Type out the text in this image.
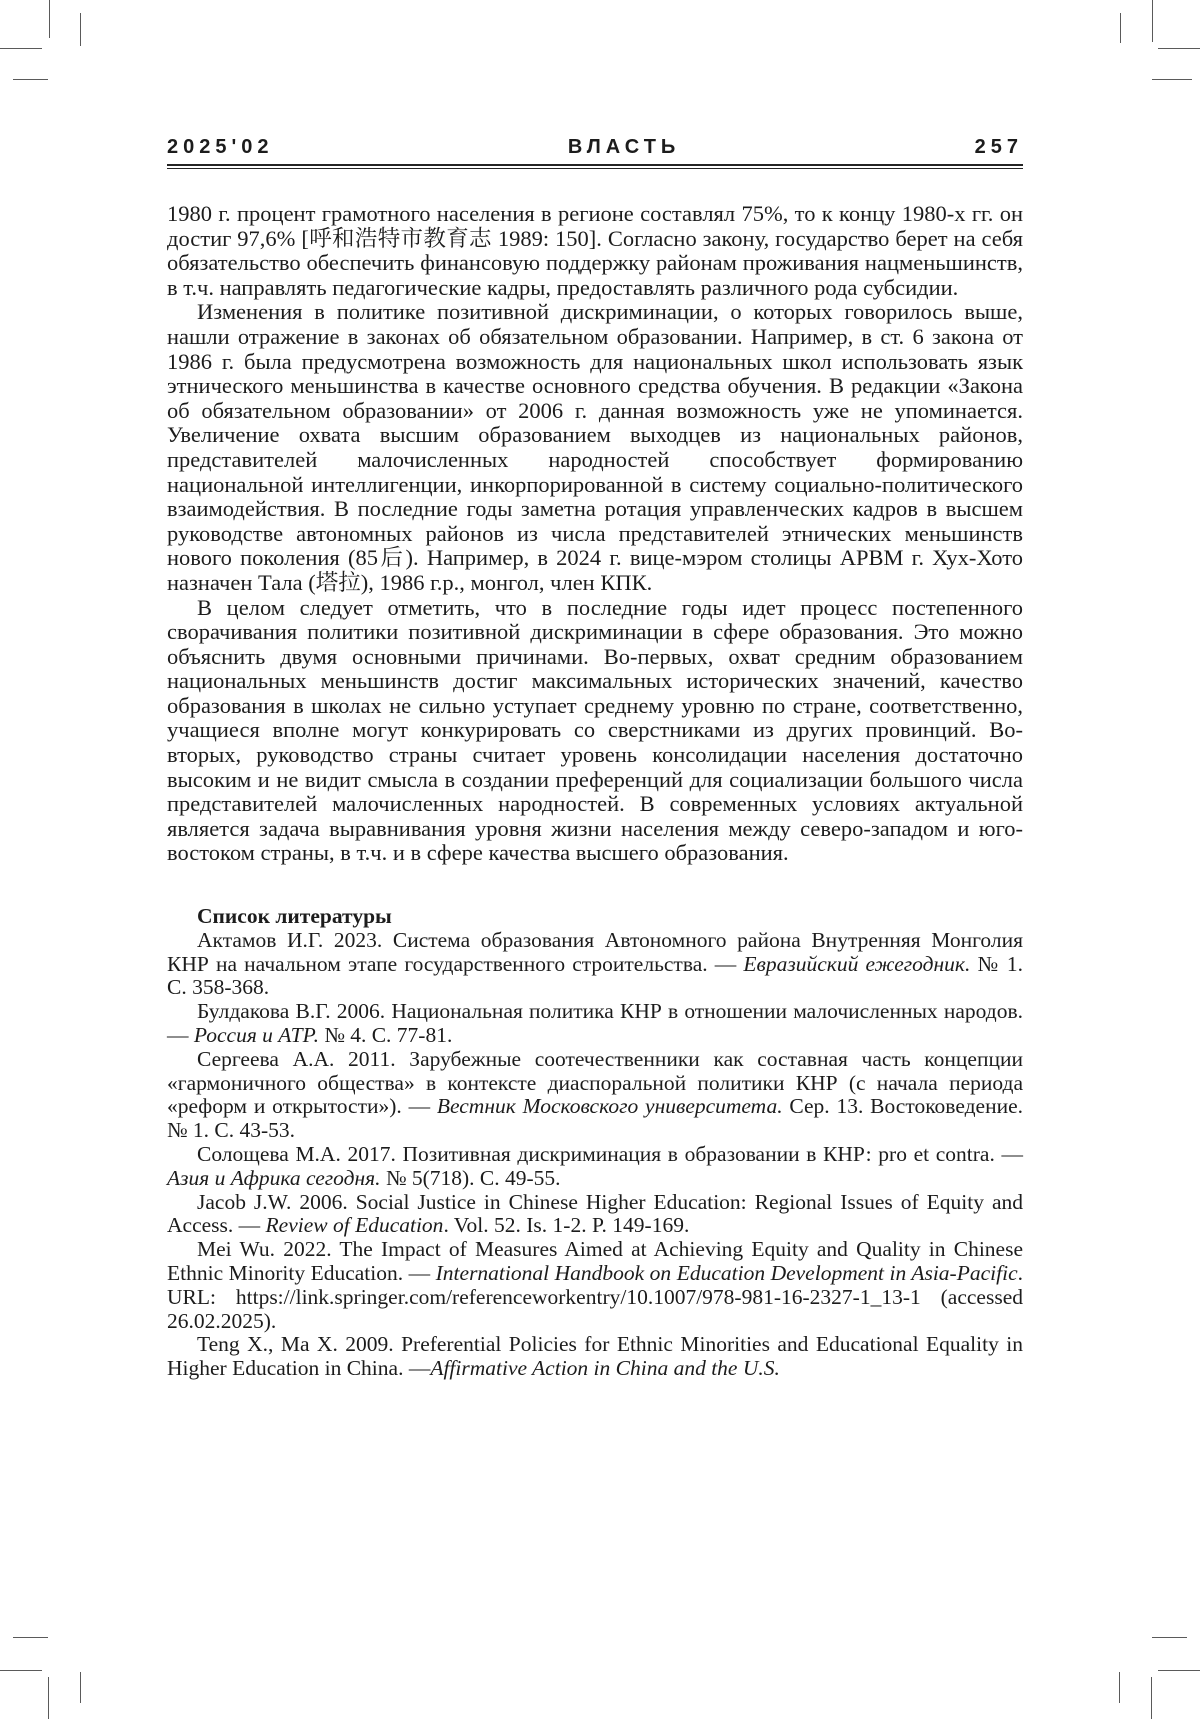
2025'02	ВЛАСТЬ	257

1980 г. процент грамотного населения в регионе составлял 75%, то к концу 1980-х гг. он достиг 97,6% [呼和浩特市教育志 1989: 150]. Согласно закону, государство берет на себя обязательство обеспечить финансовую поддержку районам проживания нацменьшинств, в т.ч. направлять педагогические кадры, предоставлять различного рода субсидии.

Изменения в политике позитивной дискриминации, о которых говорилось выше, нашли отражение в законах об обязательном образовании. Например, в ст. 6 закона от 1986 г. была предусмотрена возможность для национальных школ использовать язык этнического меньшинства в качестве основного средства обучения. В редакции «Закона об обязательном образовании» от 2006 г. данная возможность уже не упоминается. Увеличение охвата высшим образованием выходцев из национальных районов, представителей малочисленных народностей способствует формированию национальной интеллигенции, инкорпорированной в систему социально-политического взаимодействия. В последние годы заметна ротация управленческих кадров в высшем руководстве автономных районов из числа представителей этнических меньшинств нового поколения (85后). Например, в 2024 г. вице-мэром столицы АРВМ г. Хух-Хото назначен Тала (塔拉), 1986 г.р., монгол, член КПК.

В целом следует отметить, что в последние годы идет процесс постепенного сворачивания политики позитивной дискриминации в сфере образования. Это можно объяснить двумя основными причинами. Во-первых, охват средним образованием национальных меньшинств достиг максимальных исторических значений, качество образования в школах не сильно уступает среднему уровню по стране, соответственно, учащиеся вполне могут конкурировать со сверстниками из других провинций. Во-вторых, руководство страны считает уровень консолидации населения достаточно высоким и не видит смысла в создании преференций для социализации большого числа представителей малочисленных народностей. В современных условиях актуальной является задача выравнивания уровня жизни населения между северо-западом и юго-востоком страны, в т.ч. и в сфере качества высшего образования.

Список литературы

Актамов И.Г. 2023. Система образования Автономного района Внутренняя Монголия КНР на начальном этапе государственного строительства. — Евразийский ежегодник. № 1. С. 358-368.

Булдакова В.Г. 2006. Национальная политика КНР в отношении малочисленных народов. — Россия и АТР. № 4. С. 77-81.

Сергеева А.А. 2011. Зарубежные соотечественники как составная часть концепции «гармоничного общества» в контексте диаспоральной политики КНР (с начала периода «реформ и открытости»). — Вестник Московского университета. Сер. 13. Востоковедение. № 1. С. 43-53.

Солощева М.А. 2017. Позитивная дискриминация в образовании в КНР: pro et contra. — Азия и Африка сегодня. № 5(718). С. 49-55.

Jacob J.W. 2006. Social Justice in Chinese Higher Education: Regional Issues of Equity and Access. — Review of Education. Vol. 52. Is. 1-2. P. 149-169.

Mei Wu. 2022. The Impact of Measures Aimed at Achieving Equity and Quality in Chinese Ethnic Minority Education. — International Handbook on Education Development in Asia-Pacific. URL: https://link.springer.com/referenceworkentry/10.1007/978-981-16-2327-1_13-1 (accessed 26.02.2025).

Teng X., Ma X. 2009. Preferential Policies for Ethnic Minorities and Educational Equality in Higher Education in China. —Affirmative Action in China and the U.S.
